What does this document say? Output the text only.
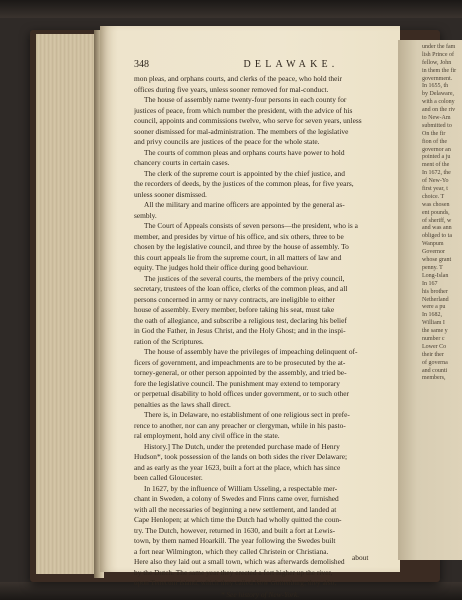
under the fam
lish Prince of
fellow, John
in them the fir
government.
In 1655, th
by Delaware,
with a colony
and on the riv
to New-Am
submitted to
On the fir
fion of the
governor an
pointed a ju
ment of the
In 1672, the
of New-Yo
first year, t
choice. T
was chosen
ent pounds,
of sheriff, w
and was ann
obliged to ta
Wanpum
Governor
whose grant
penny. T
Long-Islan
In 167
his brother
Netherland
were a pu
In 1682,
William I
the same y
number c
Lower Co
their ther
of governa
and counti
members,
348	DELAWAKE.
mon pleas, and orphans courts, and clerks of the peace, who hold their
offices during five years, unless sooner removed for mal-conduct.
The house of assembly name twenty-four persons in each county for
justices of peace, from which number the president, with the advice of his
council, appoints and commissions twelve, who serve for seven years, unless
sooner dismissed for mal-administration. The members of the legislative
and privy councils are justices of the peace for the whole state.
The courts of common pleas and orphans courts have power to hold
chancery courts in certain cases.
The clerk of the supreme court is appointed by the chief justice, and
the recorders of deeds, by the justices of the common pleas, for five years,
unless sooner dismissed.
All the military and marine officers are appointed by the general as-
sembly.
The Court of Appeals consists of seven persons—the president, who is a
member, and presides by virtue of his office, and six others, three to be
chosen by the legislative council, and three by the house of assembly. To
this court appeals lie from the supreme court, in all matters of law and
equity. The judges hold their office during good behaviour.
The justices of the several courts, the members of the privy council,
secretary, trustees of the loan office, clerks of the common pleas, and all
persons concerned in army or navy contracts, are ineligible to either
house of assembly. Every member, before taking his seat, must take
the oath of allegiance, and subscribe a religious test, declaring his belief
in God the Father, in Jesus Christ, and the Holy Ghost; and in the inspi-
ration of the Scriptures.
The house of assembly have the privileges of impeaching delinquent of-
ficers of government, and impeachments are to be prosecuted by the at-
torney-general, or other person appointed by the assembly, and tried be-
fore the legislative council. The punishment may extend to temporary
or perpetual disability to hold offices under government, or to such other
penalties as the laws shall direct.
There is, in Delaware, no establishment of one religious sect in prefe-
rence to another, nor can any preacher or clergyman, while in his pasto-
ral employment, hold any civil office in the state.
History.] The Dutch, under the pretended purchase made of Henry
Hudson*, took possession of the lands on both sides the river Delaware;
and as early as the year 1623, built a fort at the place, which has since
been called Gloucester.
In 1627, by the influence of William Usseling, a respectable mer-
chant in Sweden, a colony of Swedes and Finns came over, furnished
with all the necessaries of beginning a new settlement, and landed at
Cape Henlopen; at which time the Dutch had wholly quitted the coun-
try. The Dutch, however, returned in 1630, and built a fort at Lewis-
town, by them named Hoarkill. The year following the Swedes built
a fort near Wilmington, which they called Christein or Christiana.
Here also they laid out a small town, which was afterwards demolished
by the Dutch. The same year they erected a fort higher up the river,
upon Tenecum island, which they called New Gottenburg; they also,
* See history of New-York.
about
